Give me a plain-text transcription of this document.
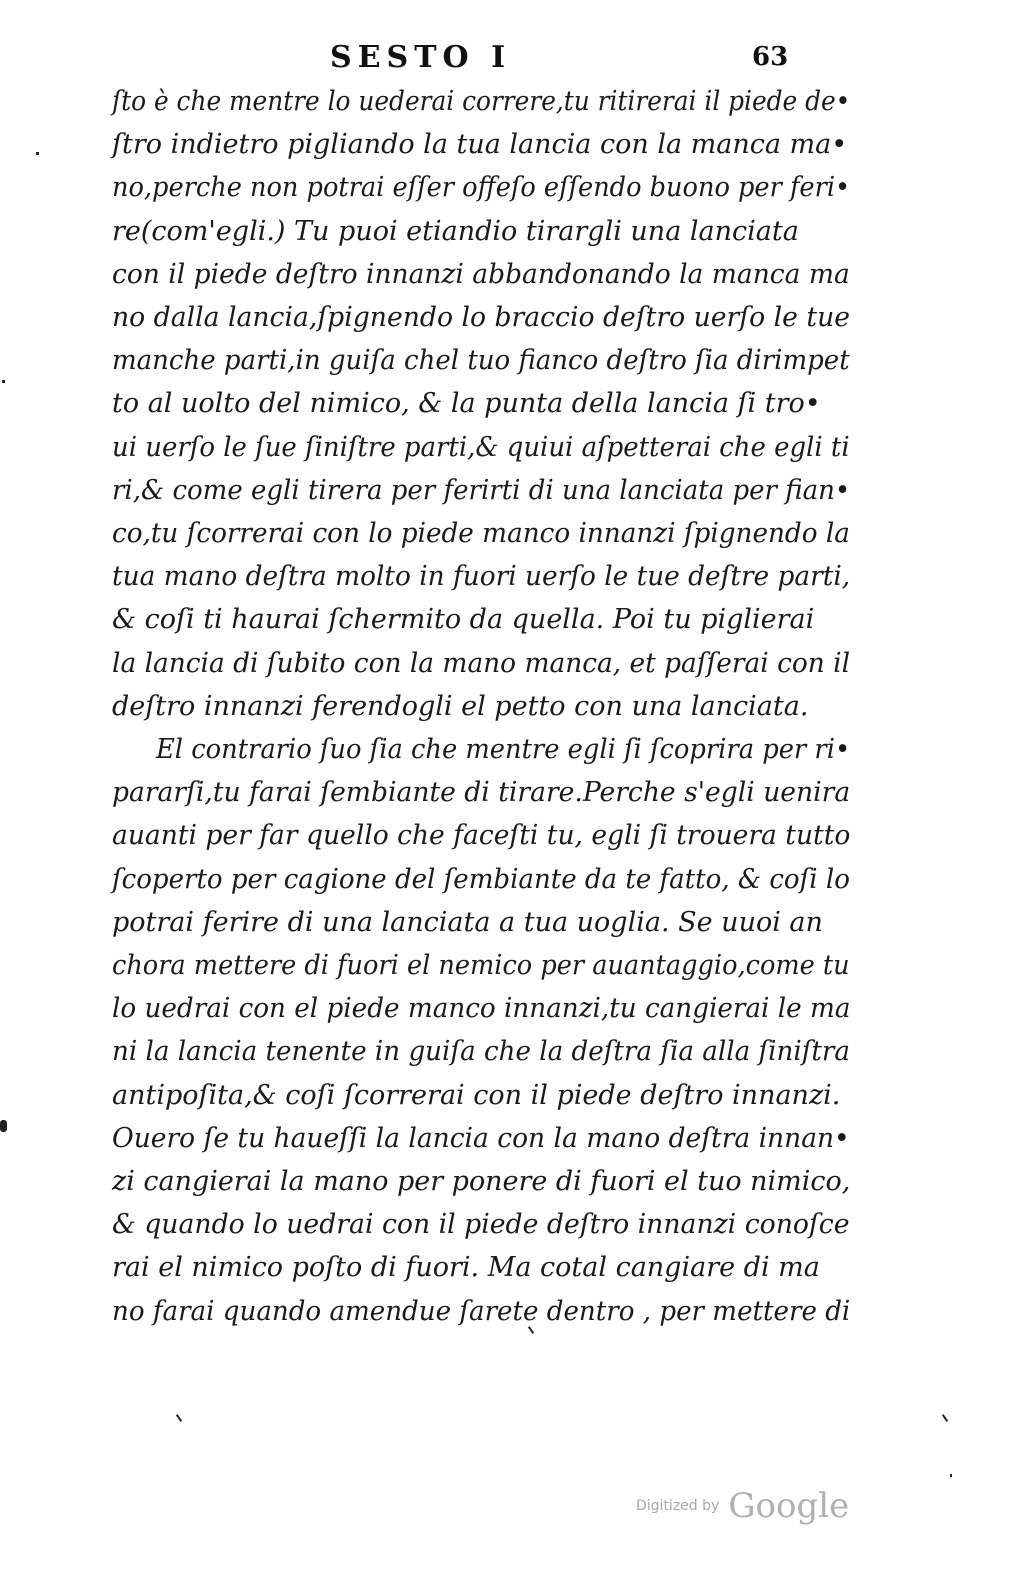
SESTO I	63
ſto è che mentre lo uederai correre,tu ritirerai il piede de•
ſtro indietro pigliando la tua lancia con la manca ma•
no,perche non potrai eſſer offeſo eſſendo buono per feri•
re(com'egli.) Tu puoi etiandio tirargli una lanciata
con il piede deſtro innanzi abbandonando la manca ma
no dalla lancia,ſpignendo lo braccio deſtro uerſo le tue
manche parti,in guiſa chel tuo fianco deſtro ſia dirimpet
to al uolto del nimico, & la punta della lancia ſi tro•
ui uerſo le ſue ſiniſtre parti,& quiui aſpetterai che egli ti
ri,& come egli tirera per ferirti di una lanciata per fian•
co,tu ſcorrerai con lo piede manco innanzi ſpignendo la
tua mano deſtra molto in fuori uerſo le tue deſtre parti,
& coſi ti haurai ſchermito da quella. Poi tu piglierai
la lancia di ſubito con la mano manca, et paſſerai con il
deſtro innanzi ferendogli el petto con una lanciata.
El contrario ſuo ſia che mentre egli ſi ſcoprira per ri•
pararſi,tu farai ſembiante di tirare.Perche s'egli uenira
auanti per far quello che faceſti tu, egli ſi trouera tutto
ſcoperto per cagione del ſembiante da te fatto, & coſi lo
potrai ferire di una lanciata a tua uoglia. Se uuoi an
chora mettere di fuori el nemico per auantaggio,come tu
lo uedrai con el piede manco innanzi,tu cangierai le ma
ni la lancia tenente in guiſa che la deſtra ſia alla ſiniſtra
antipoſita,& coſi ſcorrerai con il piede deſtro innanzi.
Ouero ſe tu haueſſi la lancia con la mano deſtra innan•
zi cangierai la mano per ponere di fuori el tuo nimico,
& quando lo uedrai con il piede deſtro innanzi conoſce
rai el nimico poſto di fuori. Ma cotal cangiare di ma
no farai quando amendue ſarete dentro , per mettere di
Digitized by Google
